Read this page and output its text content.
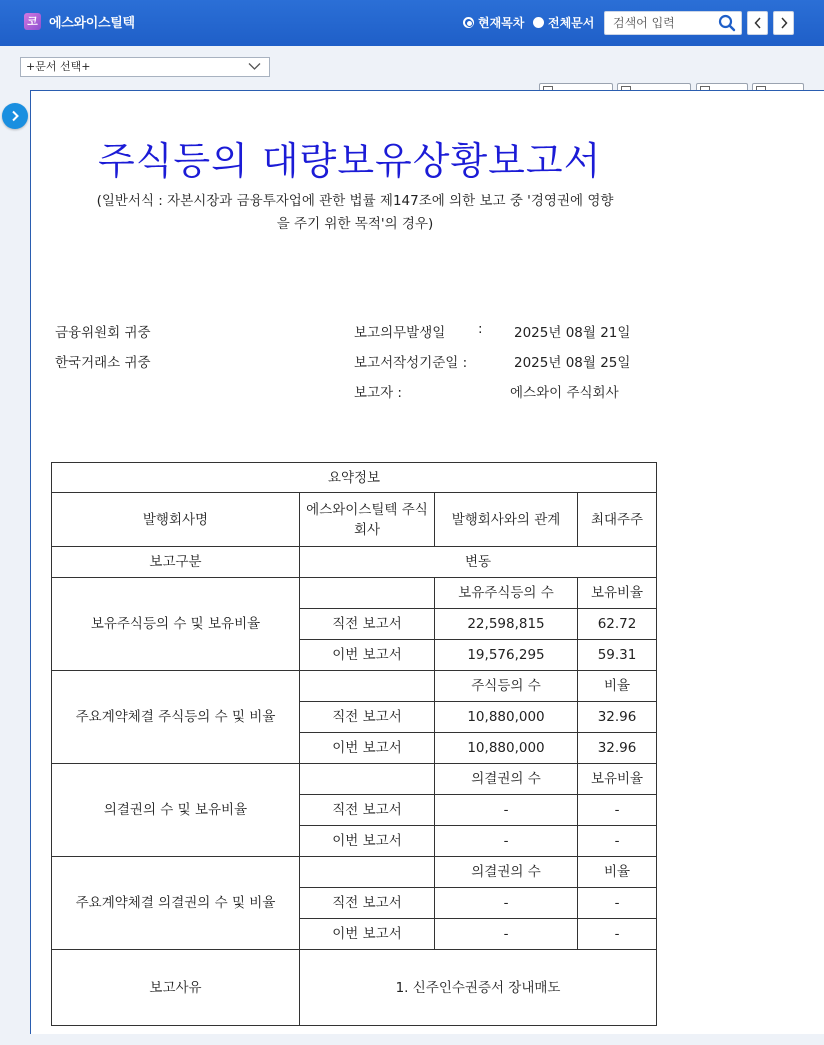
코 에스와이스틸텍	현재목차 전체문서
검색어 입력
+문서 선택+
주식등의 대량보유상황보고서
(일반서식 : 자본시장과 금융투자업에 관한 법률 제147조에 의한 보고 중 '경영권에 영향
을 주기 위한 목적'의 경우)
금융위원회 귀중
한국거래소 귀중
보고의무발생일 : 2025년 08월 21일
보고서작성기준일 :	2025년 08월 25일
보고자 :	에스와이 주식회사
요약정보			
발행회사명	에스와이스틸텍 주식회사	발행회사와의 관계	최대주주
보고구분	변동		
보유주식등의 수 및 보유비율		보유주식등의 수	보유비율
	직전 보고서	22,598,815	62.72
	이번 보고서	19,576,295	59.31
주요계약체결 주식등의 수 및 비율		주식등의 수	비율
	직전 보고서	10,880,000	32.96
	이번 보고서	10,880,000	32.96
의결권의 수 및 보유비율		의결권의 수	보유비율
	직전 보고서	-	-
	이번 보고서	-	-
주요계약체결 의결권의 수 및 비율		의결권의 수	비율
	직전 보고서	-	-
	이번 보고서	-	-
보고사유	1. 신주인수권증서 장내매도		
